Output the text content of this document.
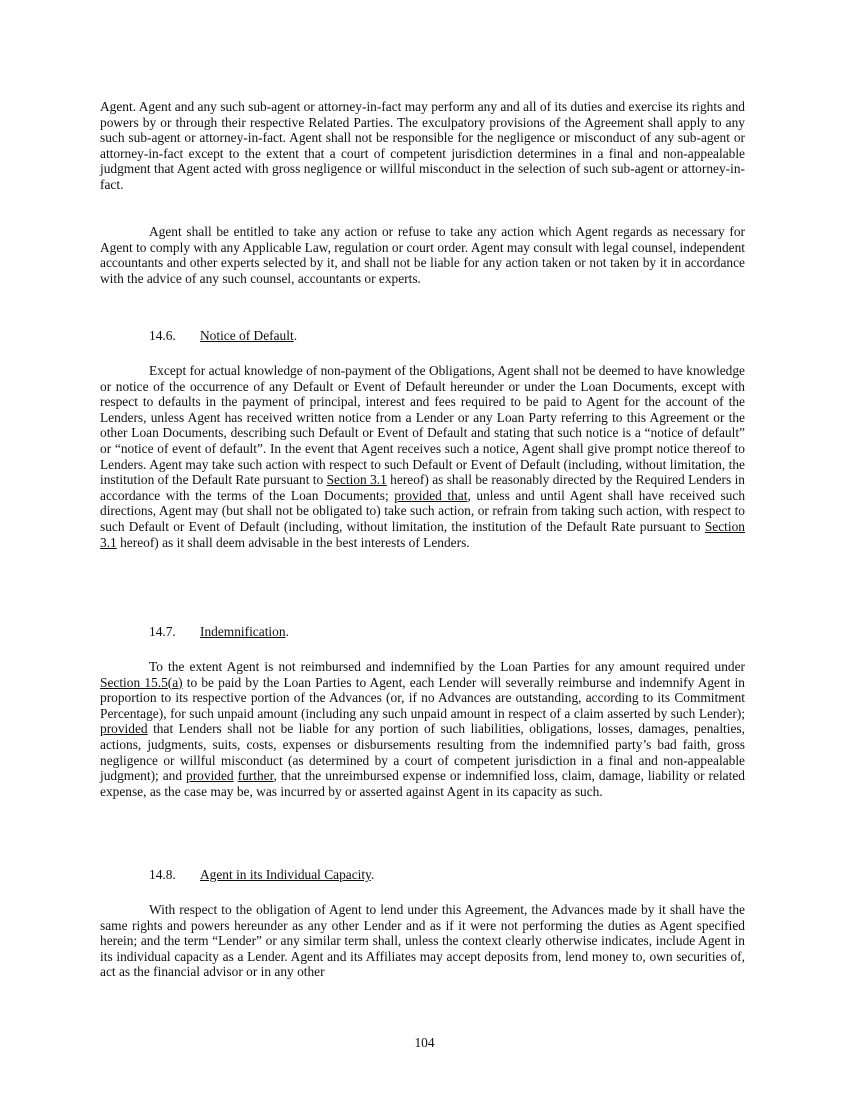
Agent. Agent and any such sub-agent or attorney-in-fact may perform any and all of its duties and exercise its rights and powers by or through their respective Related Parties. The exculpatory provisions of the Agreement shall apply to any such sub-agent or attorney-in-fact. Agent shall not be responsible for the negligence or misconduct of any sub-agent or attorney-in-fact except to the extent that a court of competent jurisdiction determines in a final and non-appealable judgment that Agent acted with gross negligence or willful misconduct in the selection of such sub-agent or attorney-in-fact.

Agent shall be entitled to take any action or refuse to take any action which Agent regards as necessary for Agent to comply with any Applicable Law, regulation or court order. Agent may consult with legal counsel, independent accountants and other experts selected by it, and shall not be liable for any action taken or not taken by it in accordance with the advice of any such counsel, accountants or experts.

14.6. Notice of Default.

Except for actual knowledge of non-payment of the Obligations, Agent shall not be deemed to have knowledge or notice of the occurrence of any Default or Event of Default hereunder or under the Loan Documents, except with respect to defaults in the payment of principal, interest and fees required to be paid to Agent for the account of the Lenders, unless Agent has received written notice from a Lender or any Loan Party referring to this Agreement or the other Loan Documents, describing such Default or Event of Default and stating that such notice is a “notice of default” or “notice of event of default”. In the event that Agent receives such a notice, Agent shall give prompt notice thereof to Lenders. Agent may take such action with respect to such Default or Event of Default (including, without limitation, the institution of the Default Rate pursuant to Section 3.1 hereof) as shall be reasonably directed by the Required Lenders in accordance with the terms of the Loan Documents; provided that, unless and until Agent shall have received such directions, Agent may (but shall not be obligated to) take such action, or refrain from taking such action, with respect to such Default or Event of Default (including, without limitation, the institution of the Default Rate pursuant to Section 3.1 hereof) as it shall deem advisable in the best interests of Lenders.

14.7. Indemnification.

To the extent Agent is not reimbursed and indemnified by the Loan Parties for any amount required under Section 15.5(a) to be paid by the Loan Parties to Agent, each Lender will severally reimburse and indemnify Agent in proportion to its respective portion of the Advances (or, if no Advances are outstanding, according to its Commitment Percentage), for such unpaid amount (including any such unpaid amount in respect of a claim asserted by such Lender); provided that Lenders shall not be liable for any portion of such liabilities, obligations, losses, damages, penalties, actions, judgments, suits, costs, expenses or disbursements resulting from the indemnified party’s bad faith, gross negligence or willful misconduct (as determined by a court of competent jurisdiction in a final and non-appealable judgment); and provided further, that the unreimbursed expense or indemnified loss, claim, damage, liability or related expense, as the case may be, was incurred by or asserted against Agent in its capacity as such.

14.8. Agent in its Individual Capacity.

With respect to the obligation of Agent to lend under this Agreement, the Advances made by it shall have the same rights and powers hereunder as any other Lender and as if it were not performing the duties as Agent specified herein; and the term “Lender” or any similar term shall, unless the context clearly otherwise indicates, include Agent in its individual capacity as a Lender. Agent and its Affiliates may accept deposits from, lend money to, own securities of, act as the financial advisor or in any other

104
